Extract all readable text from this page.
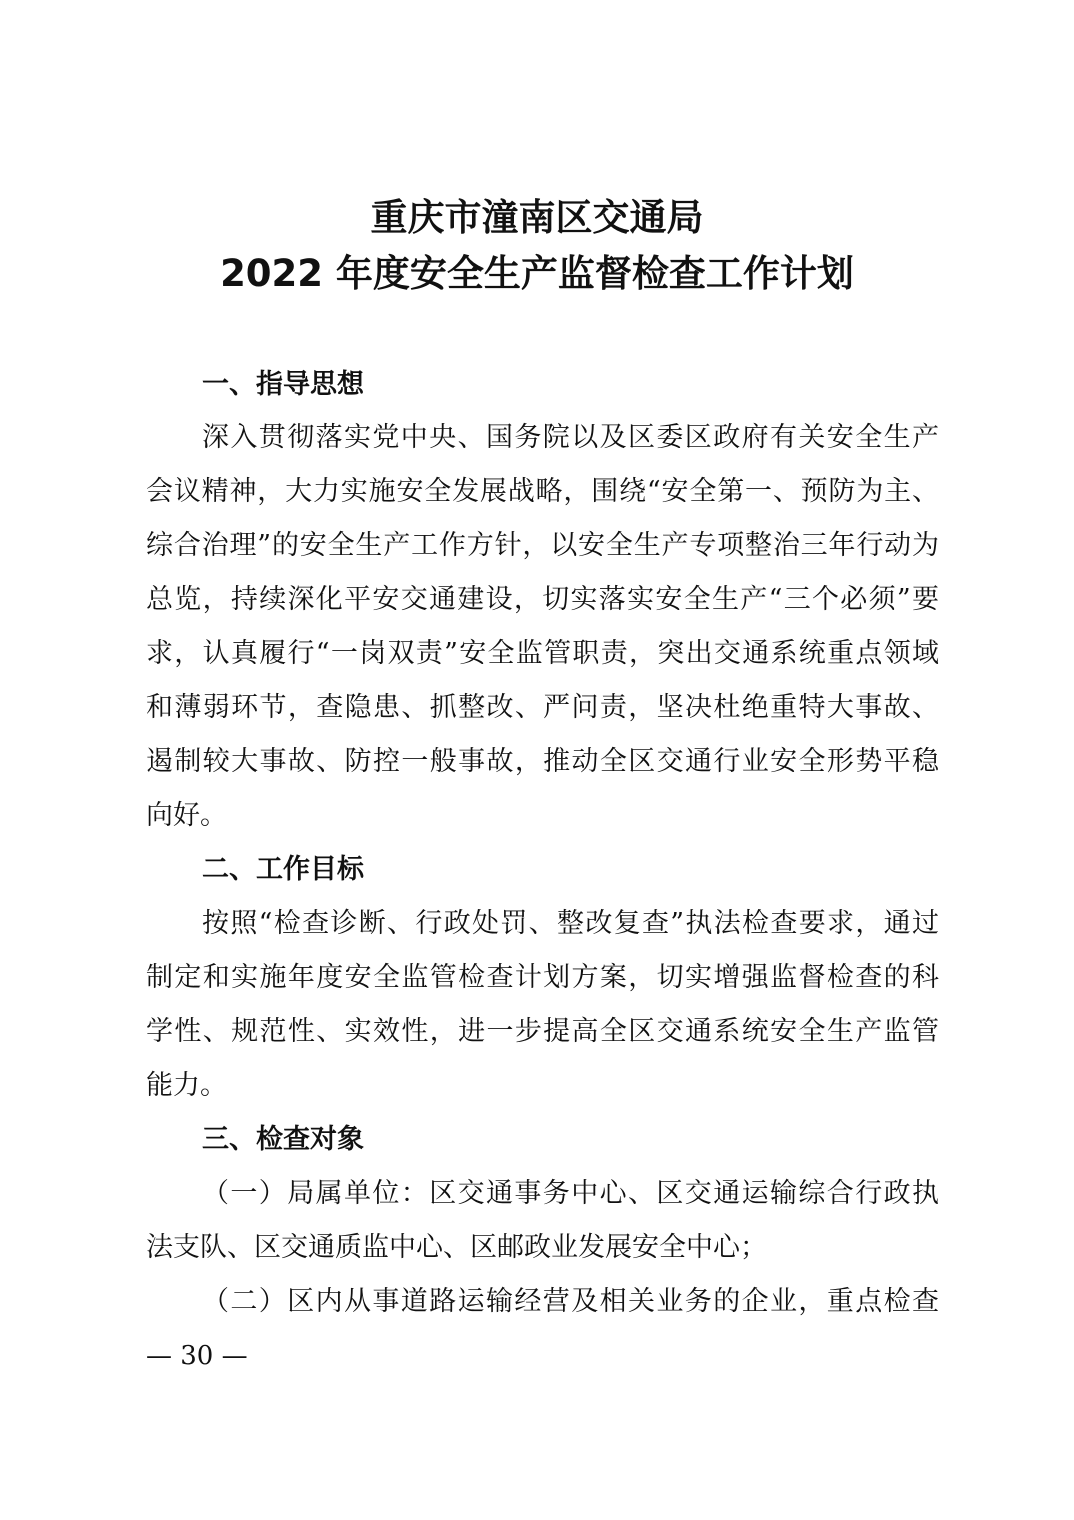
重庆市潼南区交通局
2022 年度安全生产监督检查工作计划
一、指导思想
深入贯彻落实党中央、国务院以及区委区政府有关安全生产
会议精神，大力实施安全发展战略，围绕“安全第一、预防为主、
综合治理”的安全生产工作方针，以安全生产专项整治三年行动为
总览，持续深化平安交通建设，切实落实安全生产“三个必须”要
求，认真履行“一岗双责”安全监管职责，突出交通系统重点领域
和薄弱环节，查隐患、抓整改、严问责，坚决杜绝重特大事故、
遏制较大事故、防控一般事故，推动全区交通行业安全形势平稳
向好。
二、工作目标
按照“检查诊断、行政处罚、整改复查”执法检查要求，通过
制定和实施年度安全监管检查计划方案，切实增强监督检查的科
学性、规范性、实效性，进一步提高全区交通系统安全生产监管
能力。
三、检查对象
（一）局属单位：区交通事务中心、区交通运输综合行政执
法支队、区交通质监中心、区邮政业发展安全中心；
（二）区内从事道路运输经营及相关业务的企业，重点检查
— 30 —
